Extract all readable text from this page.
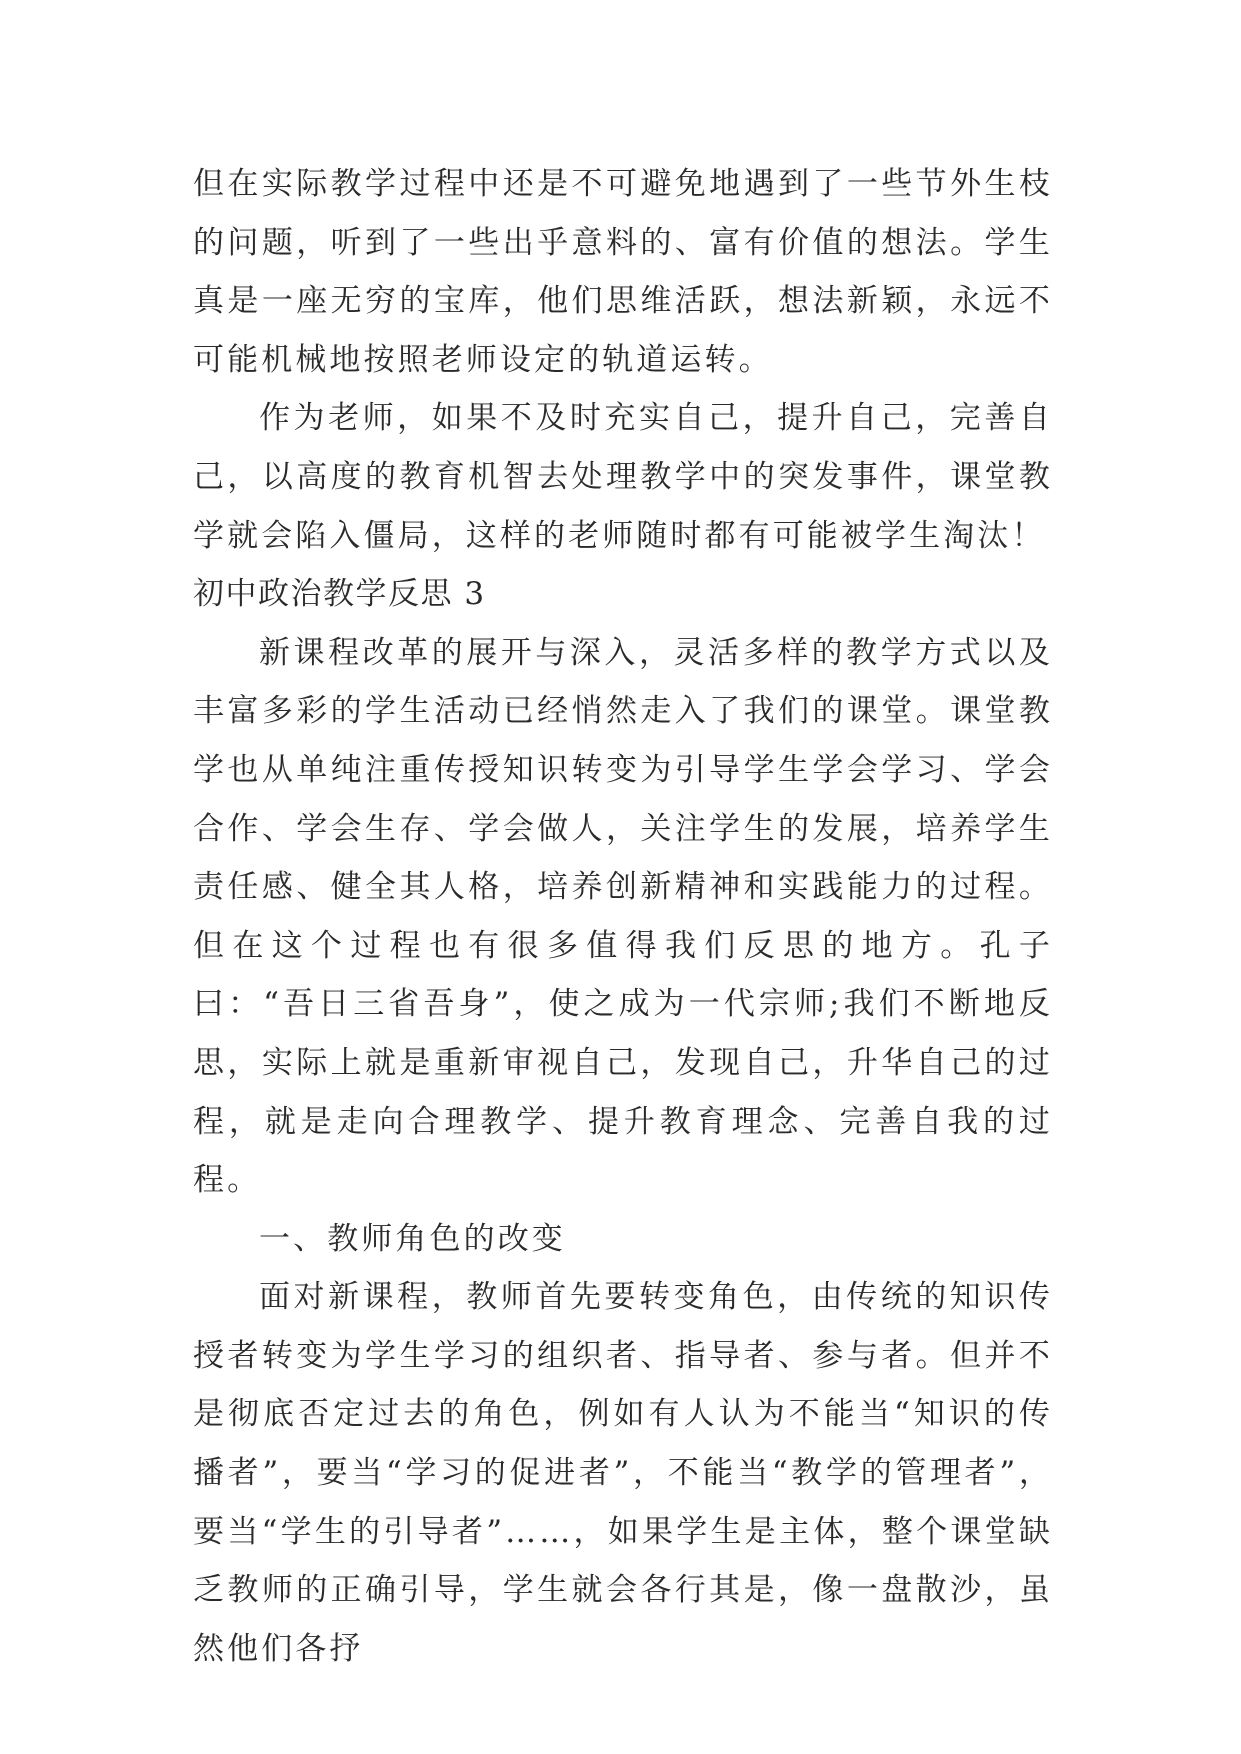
但在实际教学过程中还是不可避免地遇到了一些节外生枝的问题，听到了一些出乎意料的、富有价值的想法。学生真是一座无穷的宝库，他们思维活跃，想法新颖，永远不可能机械地按照老师设定的轨道运转。

作为老师，如果不及时充实自己，提升自己，完善自己，以高度的教育机智去处理教学中的突发事件，课堂教学就会陷入僵局，这样的老师随时都有可能被学生淘汰！

初中政治教学反思 3

新课程改革的展开与深入，灵活多样的教学方式以及丰富多彩的学生活动已经悄然走入了我们的课堂。课堂教学也从单纯注重传授知识转变为引导学生学会学习、学会合作、学会生存、学会做人，关注学生的发展，培养学生责任感、健全其人格，培养创新精神和实践能力的过程。但在这个过程也有很多值得我们反思的地方。孔子曰：“吾日三省吾身”，使之成为一代宗师;我们不断地反思，实际上就是重新审视自己，发现自己，升华自己的过程，就是走向合理教学、提升教育理念、完善自我的过程。

一、教师角色的改变

面对新课程，教师首先要转变角色，由传统的知识传授者转变为学生学习的组织者、指导者、参与者。但并不是彻底否定过去的角色，例如有人认为不能当“知识的传播者”，要当“学习的促进者”，不能当“教学的管理者”，要当“学生的引导者”……，如果学生是主体，整个课堂缺乏教师的正确引导，学生就会各行其是，像一盘散沙，虽然他们各抒
